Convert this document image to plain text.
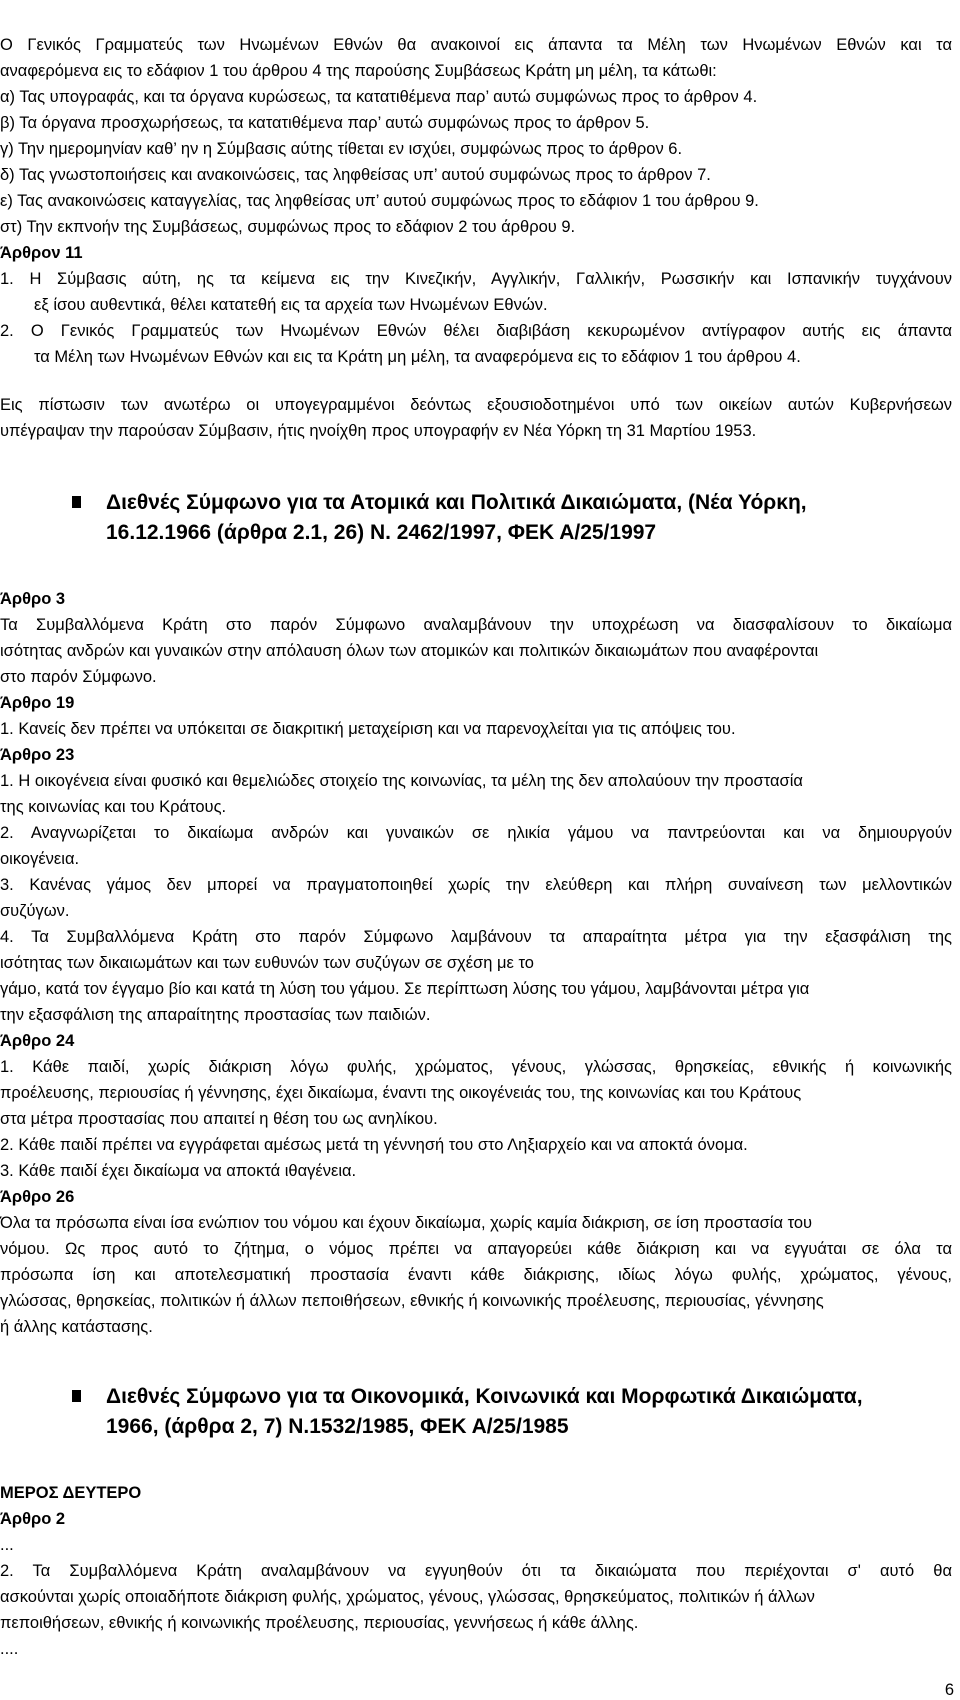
Ο Γενικός Γραμματεύς των Ηνωμένων Εθνών θα ανακοινοί εις άπαντα τα Μέλη των Ηνωμένων Εθνών και τα
αναφερόμενα εις το εδάφιον 1 του άρθρου 4 της παρούσης Συμβάσεως Κράτη μη μέλη, τα κάτωθι:
α) Τας υπογραφάς, και τα όργανα κυρώσεως, τα κατατιθέμενα παρ’ αυτώ συμφώνως προς το άρθρον 4.
β) Τα όργανα προσχωρήσεως, τα κατατιθέμενα παρ’ αυτώ συμφώνως προς το άρθρον 5.
γ) Την ημερομηνίαν καθ’ ην η Σύμβασις αύτης τίθεται εν ισχύει, συμφώνως προς το άρθρον 6.
δ) Τας γνωστοποιήσεις και ανακοινώσεις, τας ληφθείσας υπ’ αυτού συμφώνως προς το άρθρον 7.
ε) Τας ανακοινώσεις καταγγελίας, τας ληφθείσας υπ’ αυτού συμφώνως προς το εδάφιον 1 του άρθρου 9.
στ) Την εκπνοήν της Συμβάσεως, συμφώνως προς το εδάφιον 2 του άρθρου 9.
Άρθρον 11
1. Η Σύμβασις αύτη, ης τα κείμενα εις την Κινεζικήν, Αγγλικήν, Γαλλικήν, Ρωσσικήν και Ισπανικήν τυγχάνουν
εξ ίσου αυθεντικά, θέλει κατατεθή εις τα αρχεία των Ηνωμένων Εθνών.
2. Ο Γενικός Γραμματεύς των Ηνωμένων Εθνών θέλει διαβιβάση κεκυρωμένον αντίγραφον αυτής εις άπαντα
τα Μέλη των Ηνωμένων Εθνών και εις τα Κράτη μη μέλη, τα αναφερόμενα εις το εδάφιον 1 του άρθρου 4.
Εις πίστωσιν των ανωτέρω οι υπογεγραμμένοι δεόντως εξουσιοδοτημένοι υπό των οικείων αυτών Κυβερνήσεων
υπέγραψαν την παρούσαν Σύμβασιν, ήτις ηνοίχθη προς υπογραφήν εν Νέα Υόρκη τη 31 Μαρτίου 1953.
Διεθνές Σύμφωνο για τα Ατομικά και Πολιτικά Δικαιώματα, (Νέα Υόρκη,
16.12.1966 (άρθρα 2.1, 26) Ν. 2462/1997, ΦΕΚ Α/25/1997
Άρθρο 3
Τα Συμβαλλόμενα Κράτη στο παρόν Σύμφωνο αναλαμβάνουν την υποχρέωση να διασφαλίσουν το δικαίωμα
ισότητας ανδρών και γυναικών στην απόλαυση όλων των ατομικών και πολιτικών δικαιωμάτων που αναφέρονται
στο παρόν Σύμφωνο.
Άρθρο 19
1. Κανείς δεν πρέπει να υπόκειται σε διακριτική μεταχείριση και να παρενοχλείται για τις απόψεις του.
Άρθρο 23
1. Η οικογένεια είναι φυσικό και θεμελιώδες στοιχείο της κοινωνίας, τα μέλη της δεν απολαύουν την προστασία
της κοινωνίας και του Κράτους.
2. Αναγνωρίζεται το δικαίωμα ανδρών και γυναικών σε ηλικία γάμου να παντρεύονται και να δημιουργούν
οικογένεια.
3. Κανένας γάμος δεν μπορεί να πραγματοποιηθεί χωρίς την ελεύθερη και πλήρη συναίνεση των μελλοντικών
συζύγων.
4. Τα Συμβαλλόμενα Κράτη στο παρόν Σύμφωνο λαμβάνουν τα απαραίτητα μέτρα για την εξασφάλιση της
ισότητας των δικαιωμάτων και των ευθυνών των συζύγων σε σχέση με το
γάμο, κατά τον έγγαμο βίο και κατά τη λύση του γάμου. Σε περίπτωση λύσης του γάμου, λαμβάνονται μέτρα για
την εξασφάλιση της απαραίτητης προστασίας των παιδιών.
Άρθρο 24
1. Κάθε παιδί, χωρίς διάκριση λόγω φυλής, χρώματος, γένους, γλώσσας, θρησκείας, εθνικής ή κοινωνικής
προέλευσης, περιουσίας ή γέννησης, έχει δικαίωμα, έναντι της οικογένειάς του, της κοινωνίας και του Κράτους
στα μέτρα προστασίας που απαιτεί η θέση του ως ανηλίκου.
2. Κάθε παιδί πρέπει να εγγράφεται αμέσως μετά τη γέννησή του στο Ληξιαρχείο και να αποκτά όνομα.
3. Κάθε παιδί έχει δικαίωμα να αποκτά ιθαγένεια.
Άρθρο 26
Όλα τα πρόσωπα είναι ίσα ενώπιον του νόμου και έχουν δικαίωμα, χωρίς καμία διάκριση, σε ίση προστασία του
νόμου. Ως προς αυτό το ζήτημα, ο νόμος πρέπει να απαγορεύει κάθε διάκριση και να εγγυάται σε όλα τα
πρόσωπα ίση και αποτελεσματική προστασία έναντι κάθε διάκρισης, ιδίως λόγω φυλής, χρώματος, γένους,
γλώσσας, θρησκείας, πολιτικών ή άλλων πεποιθήσεων, εθνικής ή κοινωνικής προέλευσης, περιουσίας, γέννησης
ή άλλης κατάστασης.
Διεθνές Σύμφωνο για τα Οικονομικά, Κοινωνικά και Μορφωτικά Δικαιώματα,
1966, (άρθρα 2, 7) Ν.1532/1985, ΦΕΚ Α/25/1985
ΜΕΡΟΣ ΔΕΥΤΕΡΟ
Άρθρο 2
...
2. Τα Συμβαλλόμενα Κράτη αναλαμβάνουν να εγγυηθούν ότι τα δικαιώματα που περιέχονται σ' αυτό θα
ασκούνται χωρίς οποιαδήποτε διάκριση φυλής, χρώματος, γένους, γλώσσας, θρησκεύματος, πολιτικών ή άλλων
πεποιθήσεων, εθνικής ή κοινωνικής προέλευσης, περιουσίας, γεννήσεως ή κάθε άλλης.
....
6
